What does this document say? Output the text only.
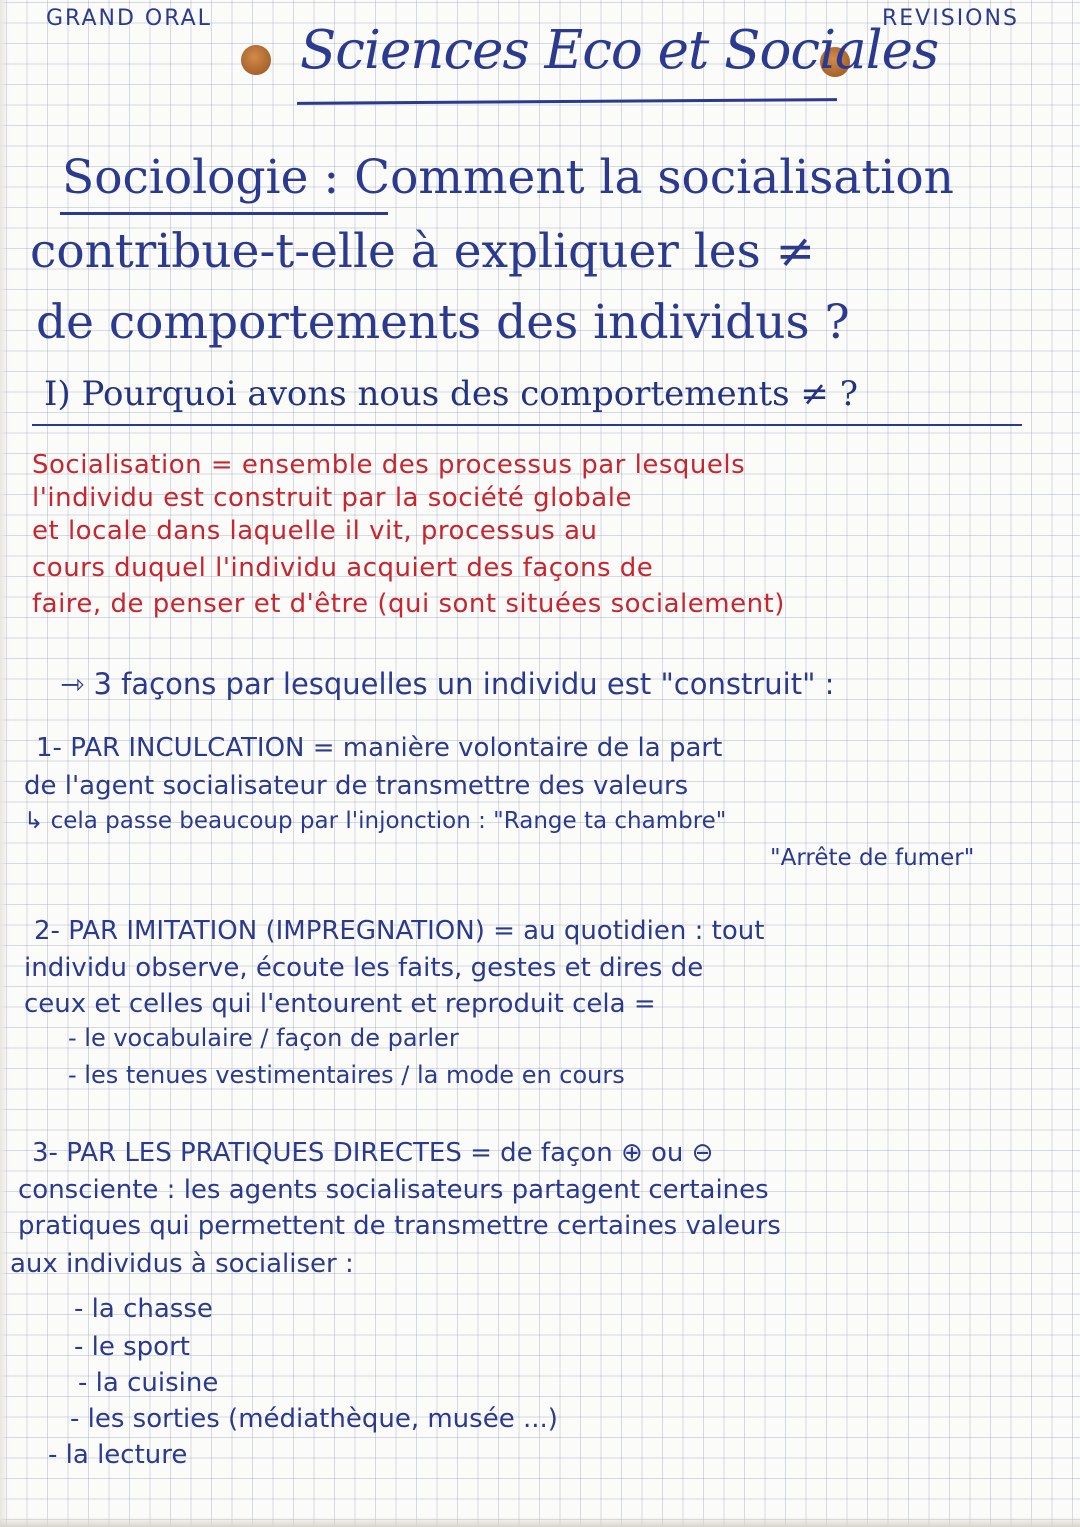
GRAND ORAL	REVISIONS

Sciences Eco et Sociales

Sociologie : Comment la socialisation

contribue-t-elle à expliquer les ≠

de comportements des individus ?

I) Pourquoi avons nous des comportements ≠ ?

Socialisation = ensemble des processus par lesquels

l'individu est construit par la société globale

et locale dans laquelle il vit, processus au

cours duquel l'individu acquiert des façons de

faire, de penser et d'être (qui sont situées socialement)

⇾ 3 façons par lesquelles un individu est "construit" :

1- PAR INCULCATION = manière volontaire de la part

de l'agent socialisateur de transmettre des valeurs

↳ cela passe beaucoup par l'injonction : "Range ta chambre"

"Arrête de fumer"

2- PAR IMITATION (IMPREGNATION) = au quotidien : tout

individu observe, écoute les faits, gestes et dires de

ceux et celles qui l'entourent et reproduit cela =

- le vocabulaire / façon de parler

- les tenues vestimentaires / la mode en cours

3- PAR LES PRATIQUES DIRECTES = de façon ⊕ ou ⊖

consciente : les agents socialisateurs partagent certaines

pratiques qui permettent de transmettre certaines valeurs

aux individus à socialiser :

- la chasse

- le sport

- la cuisine

- les sorties (médiathèque, musée ...)

- la lecture
